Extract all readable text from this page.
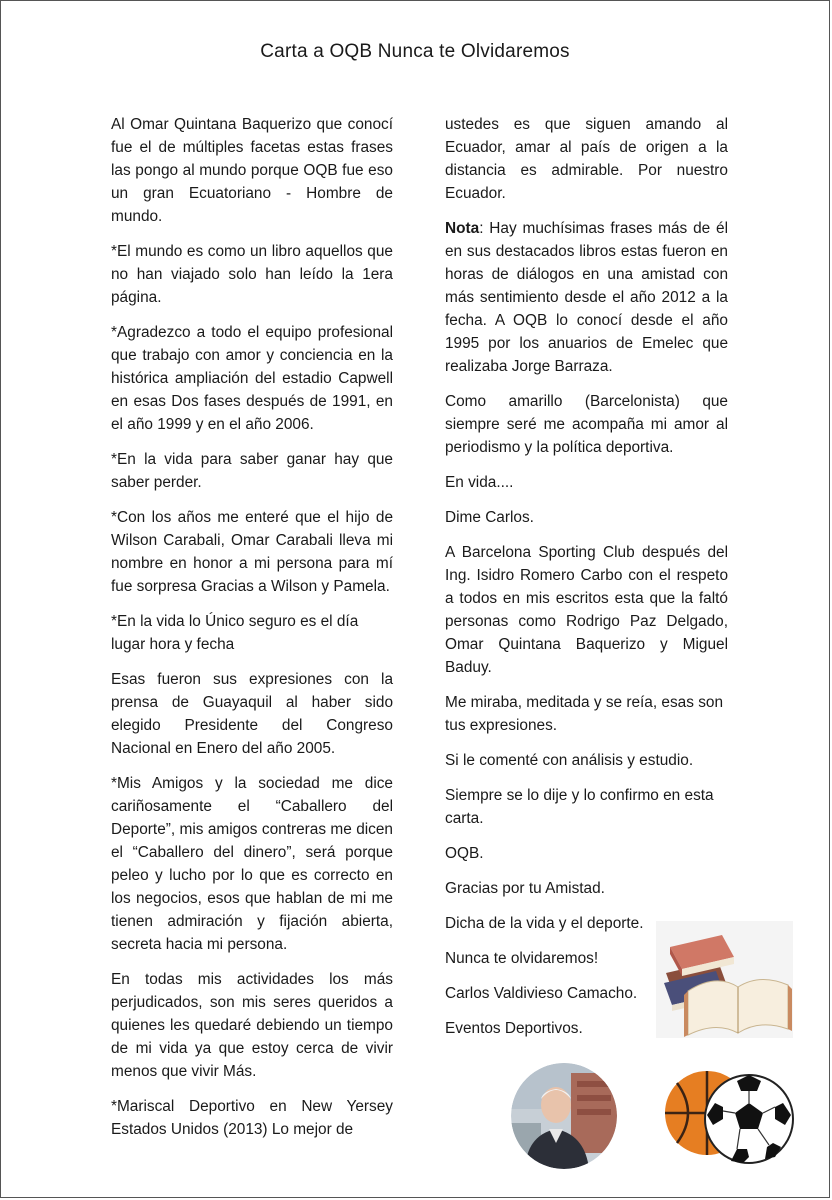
Carta a OQB Nunca te Olvidaremos

Al Omar Quintana Baquerizo que conocí fue el de múltiples facetas estas frases las pongo al mundo porque OQB fue eso un gran Ecuatoriano - Hombre de mundo.

*El mundo es como un libro aquellos que no han viajado solo han leído la 1era página.

*Agradezco a todo el equipo profesional que trabajo con amor y conciencia en la histórica ampliación del estadio Capwell en esas Dos fases después de 1991, en el año 1999 y en el año 2006.

*En la vida para saber ganar hay que saber perder.

*Con los años me enteré que el hijo de Wilson Carabali, Omar Carabali lleva mi nombre en honor a mi persona para mí fue sorpresa Gracias a Wilson y Pamela.

*En la vida lo Único seguro es el día lugar hora y fecha

Esas fueron sus expresiones con la prensa de Guayaquil al haber sido elegido Presidente del Congreso Nacional en Enero del año 2005.

*Mis Amigos y la sociedad me dice cariñosamente el “Caballero del Deporte”, mis amigos contreras me dicen el “Caballero del dinero”, será porque peleo y lucho por lo que es correcto en los negocios, esos que hablan de mi me tienen admiración y fijación abierta, secreta hacia mi persona.

En todas mis actividades los más perjudicados, son mis seres queridos a quienes les quedaré debiendo un tiempo de mi vida ya que estoy cerca de vivir menos que vivir Más.

*Mariscal Deportivo en New Yersey Estados Unidos (2013) Lo mejor de

ustedes es que siguen amando al Ecuador, amar al país de origen a la distancia es admirable. Por nuestro Ecuador.

Nota: Hay muchísimas frases más de él en sus destacados libros estas fueron en horas de diálogos en una amistad con más sentimiento desde el año 2012 a la fecha. A OQB lo conocí desde el año 1995 por los anuarios de Emelec que realizaba Jorge Barraza.

Como amarillo (Barcelonista) que siempre seré me acompaña mi amor al periodismo y la política deportiva.

En vida....

Dime Carlos.

A Barcelona Sporting Club después del Ing. Isidro Romero Carbo con el respeto a todos en mis escritos esta que la faltó personas como Rodrigo Paz Delgado, Omar Quintana Baquerizo y Miguel Baduy.

Me miraba, meditada y se reía, esas son tus expresiones.

Si le comenté con análisis y estudio.

Siempre se lo dije y lo confirmo en esta carta.

OQB.

Gracias por tu Amistad.

Dicha de la vida y el deporte.

Nunca te olvidaremos!

Carlos Valdivieso Camacho.

Eventos Deportivos.
